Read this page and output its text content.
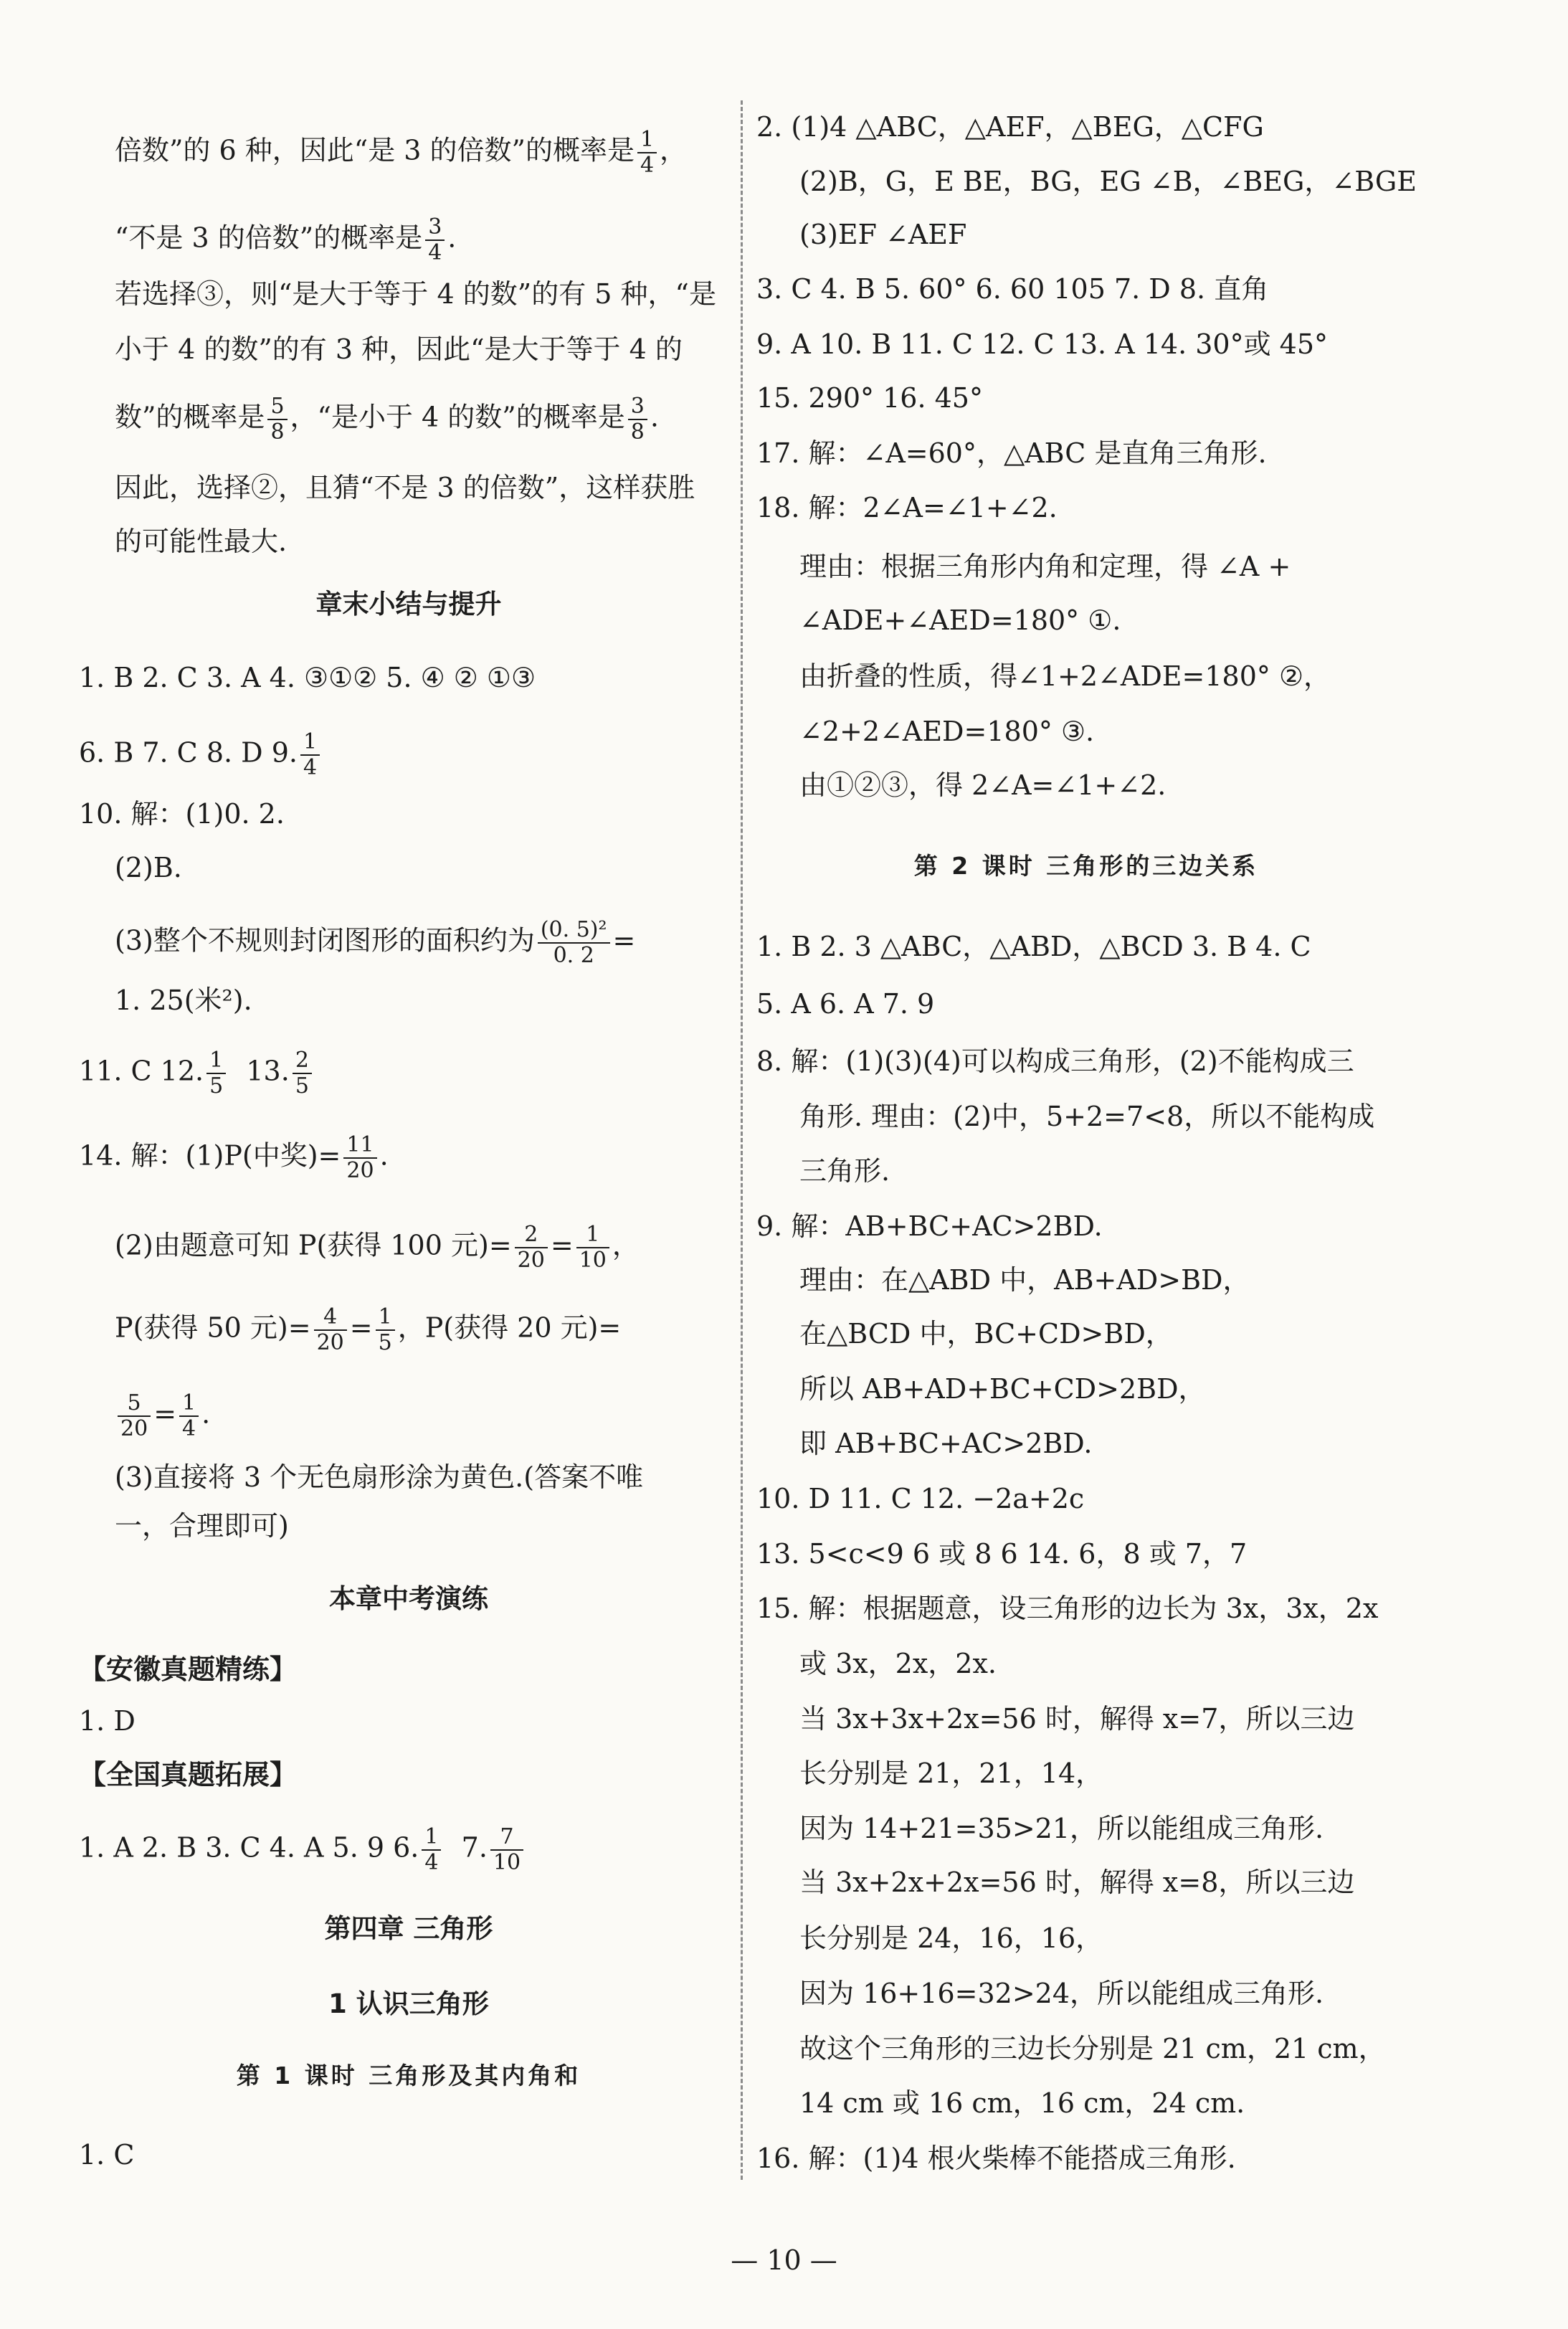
倍数”的 6 种，因此“是 3 的倍数”的概率是 $\frac{1}{4}$ ，
“不是 3 的倍数”的概率是 $\frac{3}{4}$ .
若选择③，则“是大于等于 4 的数”的有 5 种，“是
小于 4 的数”的有 3 种，因此“是大于等于 4 的
数”的概率是 $\frac{5}{8}$ ，“是小于 4 的数”的概率是 $\frac{3}{8}$ .
因此，选择②，且猜“不是 3 的倍数”，这样获胜
的可能性最大.
章末小结与提升
1. B 2. C 3. A 4. ③①② 5. ④ ② ①③
6. B 7. C 8. D 9. $\frac{1}{4}$
10. 解：(1)0. 2.
(2)B.
(3)整个不规则封闭图形的面积约为 $\frac{\text{(0. 5)²}}{0. 2}$ =
1. 25(米²).
11. C 12. $\frac{1}{5} 13$. $\frac{2}{5}$
14. 解：(1)P(中奖)= $\frac{11}{20}$ .
(2)由题意可知 P(获得 100 元)= $\frac{2}{20} = \frac{1}{10}$ ，
P(获得 50 元)= $\frac{4}{20} = \frac{1}{5}$ ，P(获得 20 元)=
$\frac{5}{20} = \frac{1}{4}$ .
(3)直接将 3 个无色扇形涂为黄色.(答案不唯
一，合理即可)
本章中考演练
【安徽真题精练】
1. D
【全国真题拓展】
1. A 2. B 3. C 4. A 5. 9 6. $\frac{1}{4} 7$. $\frac{7}{10}$
第四章 三角形
1 认识三角形
第 1 课时 三角形及其内角和
1. C
2. (1)4 △ABC，△AEF，△BEG，△CFG
(2)B，G，E BE，BG，EG ∠B，∠BEG，∠BGE
(3)EF ∠AEF
3. C 4. B 5. 60° 6. 60 105 7. D 8. 直角
9. A 10. B 11. C 12. C 13. A 14. 30°或 45°
15. 290° 16. 45°
17. 解：∠A=60°，△ABC 是直角三角形.
18. 解：2∠A=∠1+∠2.
理由：根据三角形内角和定理，得 ∠A +
∠ADE+∠AED=180° ①.
由折叠的性质，得∠1+2∠ADE=180° ②，
∠2+2∠AED=180° ③.
由①②③，得 2∠A=∠1+∠2.
第 2 课时 三角形的三边关系
1. B 2. 3 △ABC，△ABD，△BCD 3. B 4. C
5. A 6. A 7. 9
8. 解：(1)(3)(4)可以构成三角形，(2)不能构成三
角形. 理由：(2)中，5+2=7<8，所以不能构成
三角形.
9. 解：AB+BC+AC>2BD.
理由：在△ABD 中，AB+AD>BD，
在△BCD 中，BC+CD>BD，
所以 AB+AD+BC+CD>2BD，
即 AB+BC+AC>2BD.
10. D 11. C 12. −2a+2c
13. 5<c<9 6 或 8 6 14. 6，8 或 7，7
15. 解：根据题意，设三角形的边长为 3x，3x，2x
或 3x，2x，2x.
当 3x+3x+2x=56 时，解得 x=7，所以三边
长分别是 21，21，14，
因为 14+21=35>21，所以能组成三角形.
当 3x+2x+2x=56 时，解得 x=8，所以三边
长分别是 24，16，16，
因为 16+16=32>24，所以能组成三角形.
故这个三角形的三边长分别是 21 cm，21 cm，
14 cm 或 16 cm，16 cm，24 cm.
16. 解：(1)4 根火柴棒不能搭成三角形.
— 10 —
